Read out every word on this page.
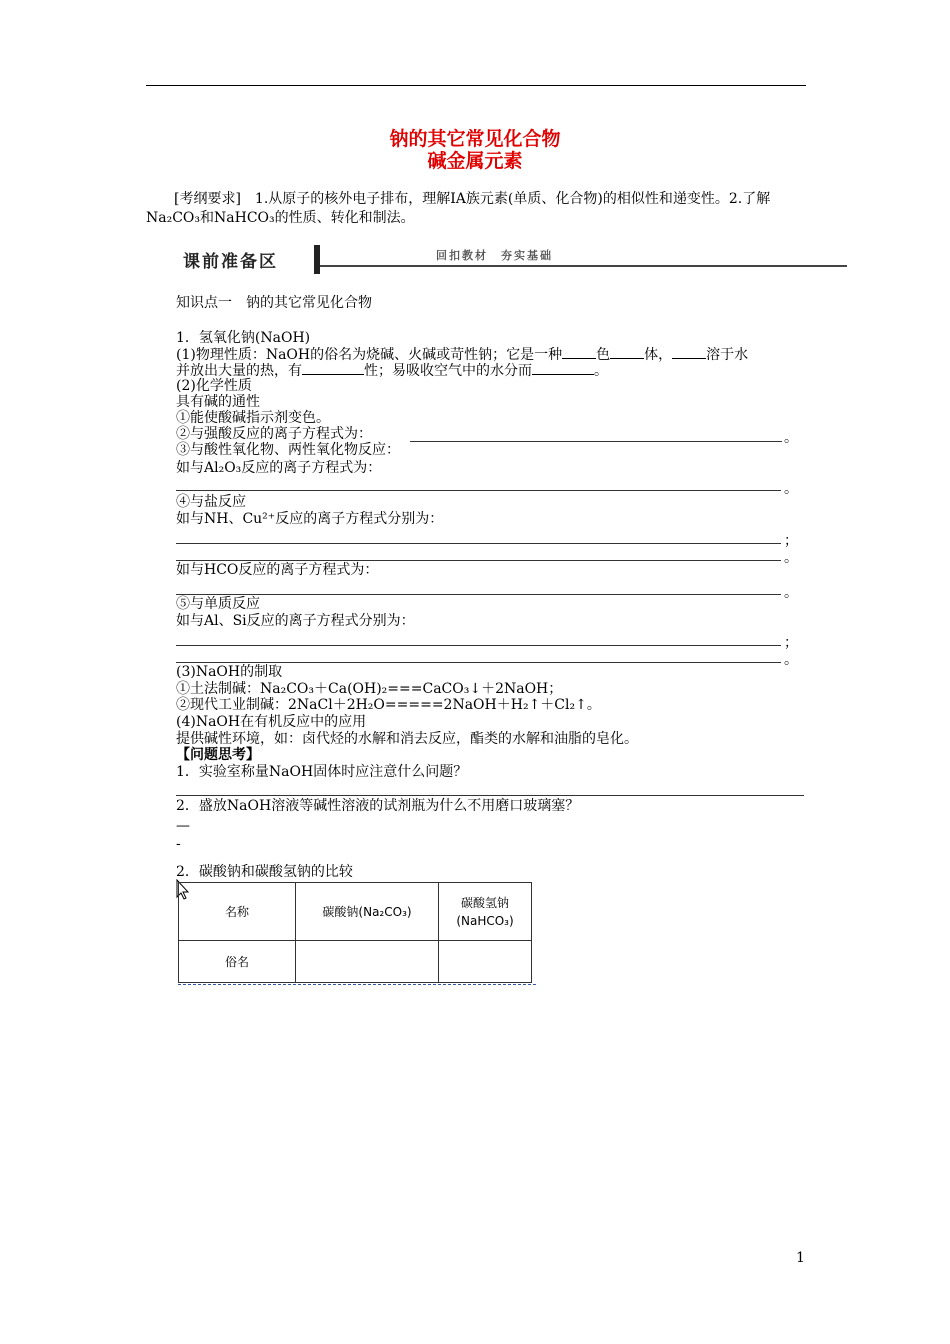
钠的其它常见化合物
碱金属元素
[考纲要求]　1.从原子的核外电子排布，理解ⅠA族元素(单质、化合物)的相似性和递变性。2.了解Na₂CO₃和NaHCO₃的性质、转化和制法。
课前准备区	回扣教材　夯实基础
知识点一　钠的其它常见化合物
1．氢氧化钠(NaOH)
(1)物理性质：NaOH的俗名为烧碱、火碱或苛性钠；它是一种 色 体， 溶于水
并放出大量的热，有	性；易吸收空气中的水分而	。
(2)化学性质
具有碱的通性
①能使酸碱指示剂变色。
②与强酸反应的离子方程式为：	。
③与酸性氧化物、两性氧化物反应：
如与Al₂O₃反应的离子方程式为：
。
④与盐反应
如与NH、Cu²⁺反应的离子方程式分别为：
；
。
如与HCO反应的离子方程式为：
。
⑤与单质反应
如与Al、Si反应的离子方程式分别为：
；
。
(3)NaOH的制取
①土法制碱：Na₂CO₃＋Ca(OH)₂===CaCO₃↓＋2NaOH；
②现代工业制碱：2NaCl＋2H₂O=====2NaOH＋H₂↑＋Cl₂↑。
(4)NaOH在有机反应中的应用
提供碱性环境，如：卤代烃的水解和消去反应，酯类的水解和油脂的皂化。
【问题思考】
1．实验室称量NaOH固体时应注意什么问题？
2．盛放NaOH溶液等碱性溶液的试剂瓶为什么不用磨口玻璃塞？
—
-
2．碳酸钠和碳酸氢钠的比较
名称	碳酸钠(Na₂CO₃)	碳酸氢钠
(NaHCO₃)
俗名		
1
